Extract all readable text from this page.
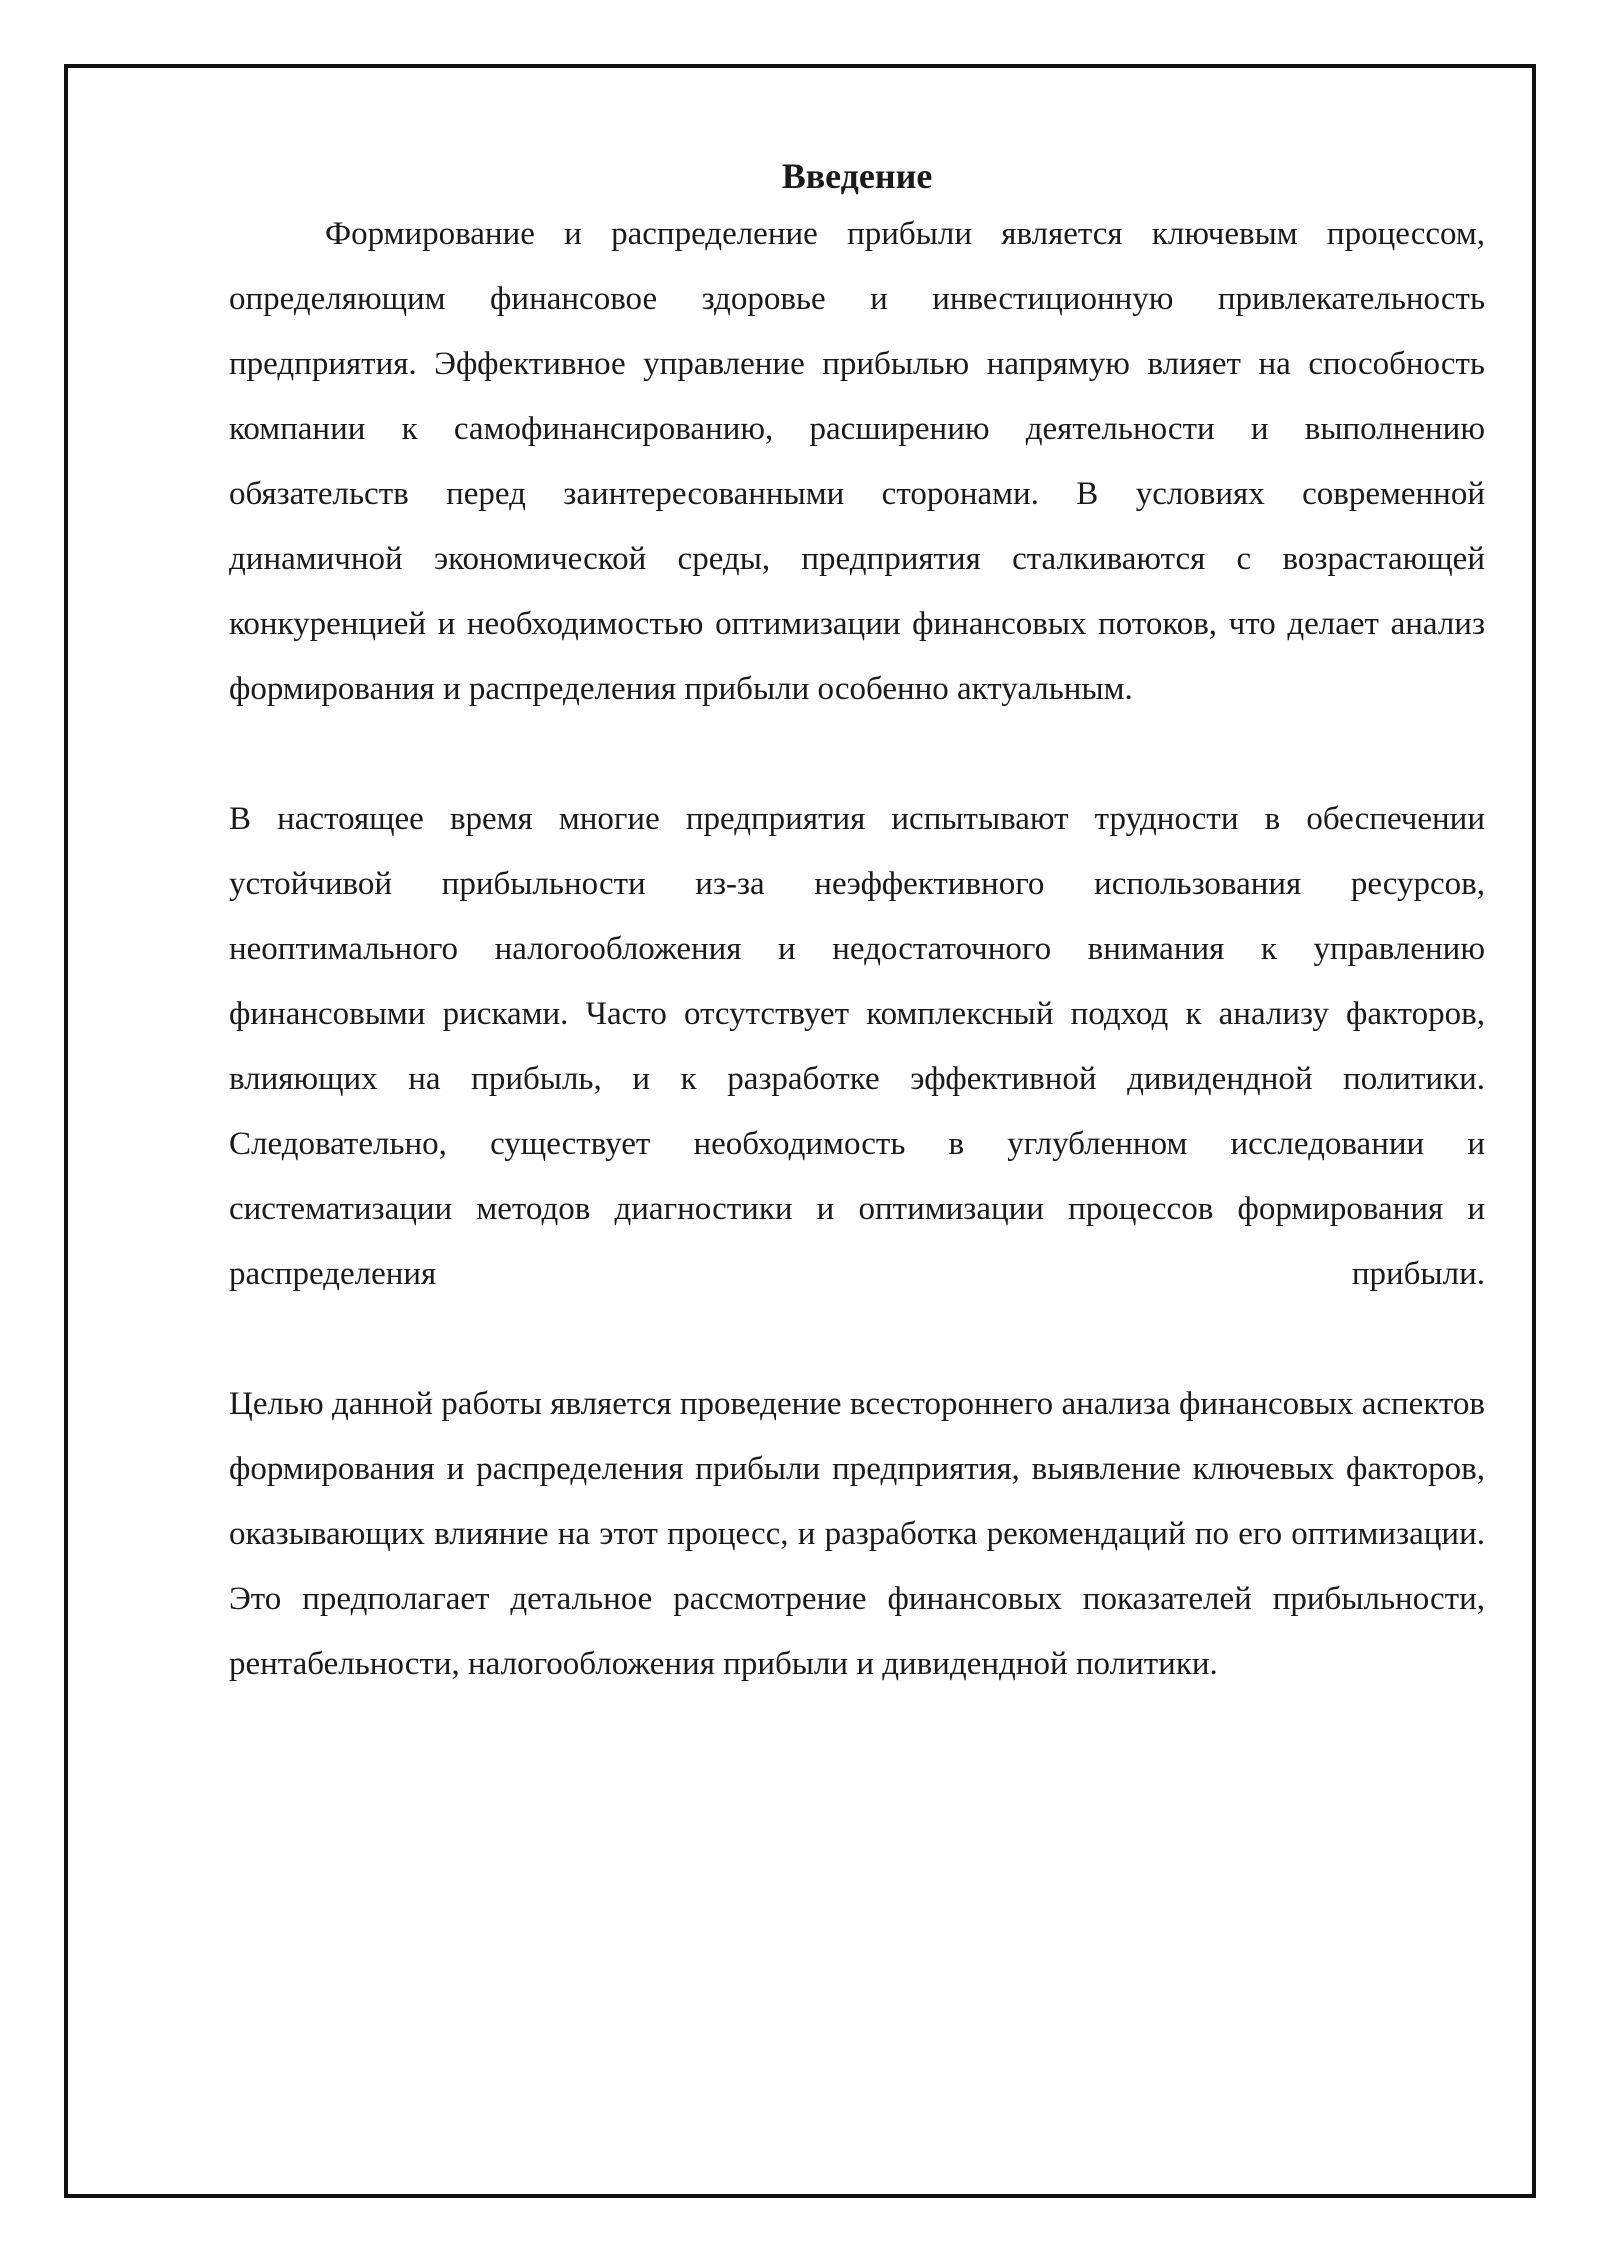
Введение

Формирование и распределение прибыли является ключевым процессом, определяющим финансовое здоровье и инвестиционную привлекательность предприятия. Эффективное управление прибылью напрямую влияет на способность компании к самофинансированию, расширению деятельности и выполнению обязательств перед заинтересованными сторонами. В условиях современной динамичной экономической среды, предприятия сталкиваются с возрастающей конкуренцией и необходимостью оптимизации финансовых потоков, что делает анализ формирования и распределения прибыли особенно актуальным.

В настоящее время многие предприятия испытывают трудности в обеспечении устойчивой прибыльности из-за неэффективного использования ресурсов, неоптимального налогообложения и недостаточного внимания к управлению финансовыми рисками. Часто отсутствует комплексный подход к анализу факторов, влияющих на прибыль, и к разработке эффективной дивидендной политики. Следовательно, существует необходимость в углубленном исследовании и систематизации методов диагностики и оптимизации процессов формирования и распределения прибыли.

Целью данной работы является проведение всестороннего анализа финансовых аспектов формирования и распределения прибыли предприятия, выявление ключевых факторов, оказывающих влияние на этот процесс, и разработка рекомендаций по его оптимизации. Это предполагает детальное рассмотрение финансовых показателей прибыльности, рентабельности, налогообложения прибыли и дивидендной политики.
